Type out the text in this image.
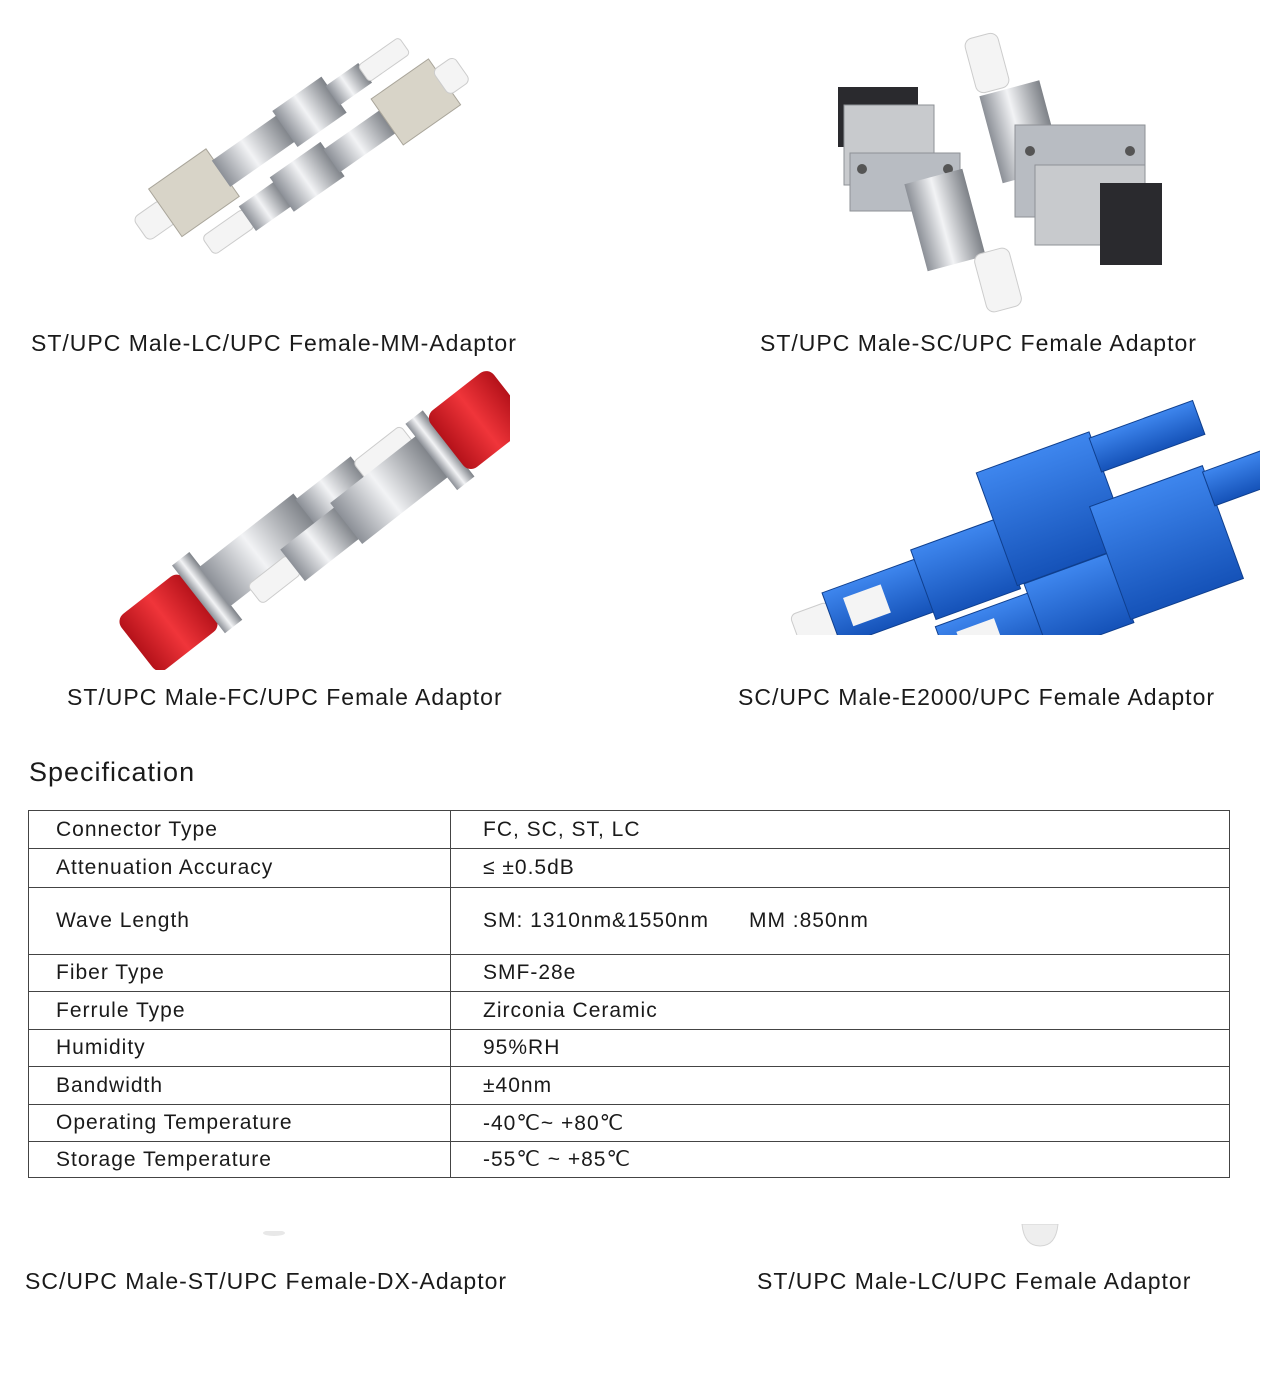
ST/UPC Male-LC/UPC Female-MM-Adaptor	ST/UPC Male-SC/UPC Female Adaptor
ST/UPC Male-FC/UPC Female Adaptor	SC/UPC Male-E2000/UPC Female Adaptor
Specification
Connector Type	FC, SC, ST, LC
Attenuation Accuracy	≤ ±0.5dB
Wave Length	SM: 1310nm&1550nm MM :850nm
Fiber Type	SMF-28e
Ferrule Type	Zirconia Ceramic
Humidity	95%RH
Bandwidth	±40nm
Operating Temperature	-40℃~ +80℃
Storage Temperature	-55℃ ~ +85℃
SC/UPC Male-ST/UPC Female-DX-Adaptor	ST/UPC Male-LC/UPC Female Adaptor
